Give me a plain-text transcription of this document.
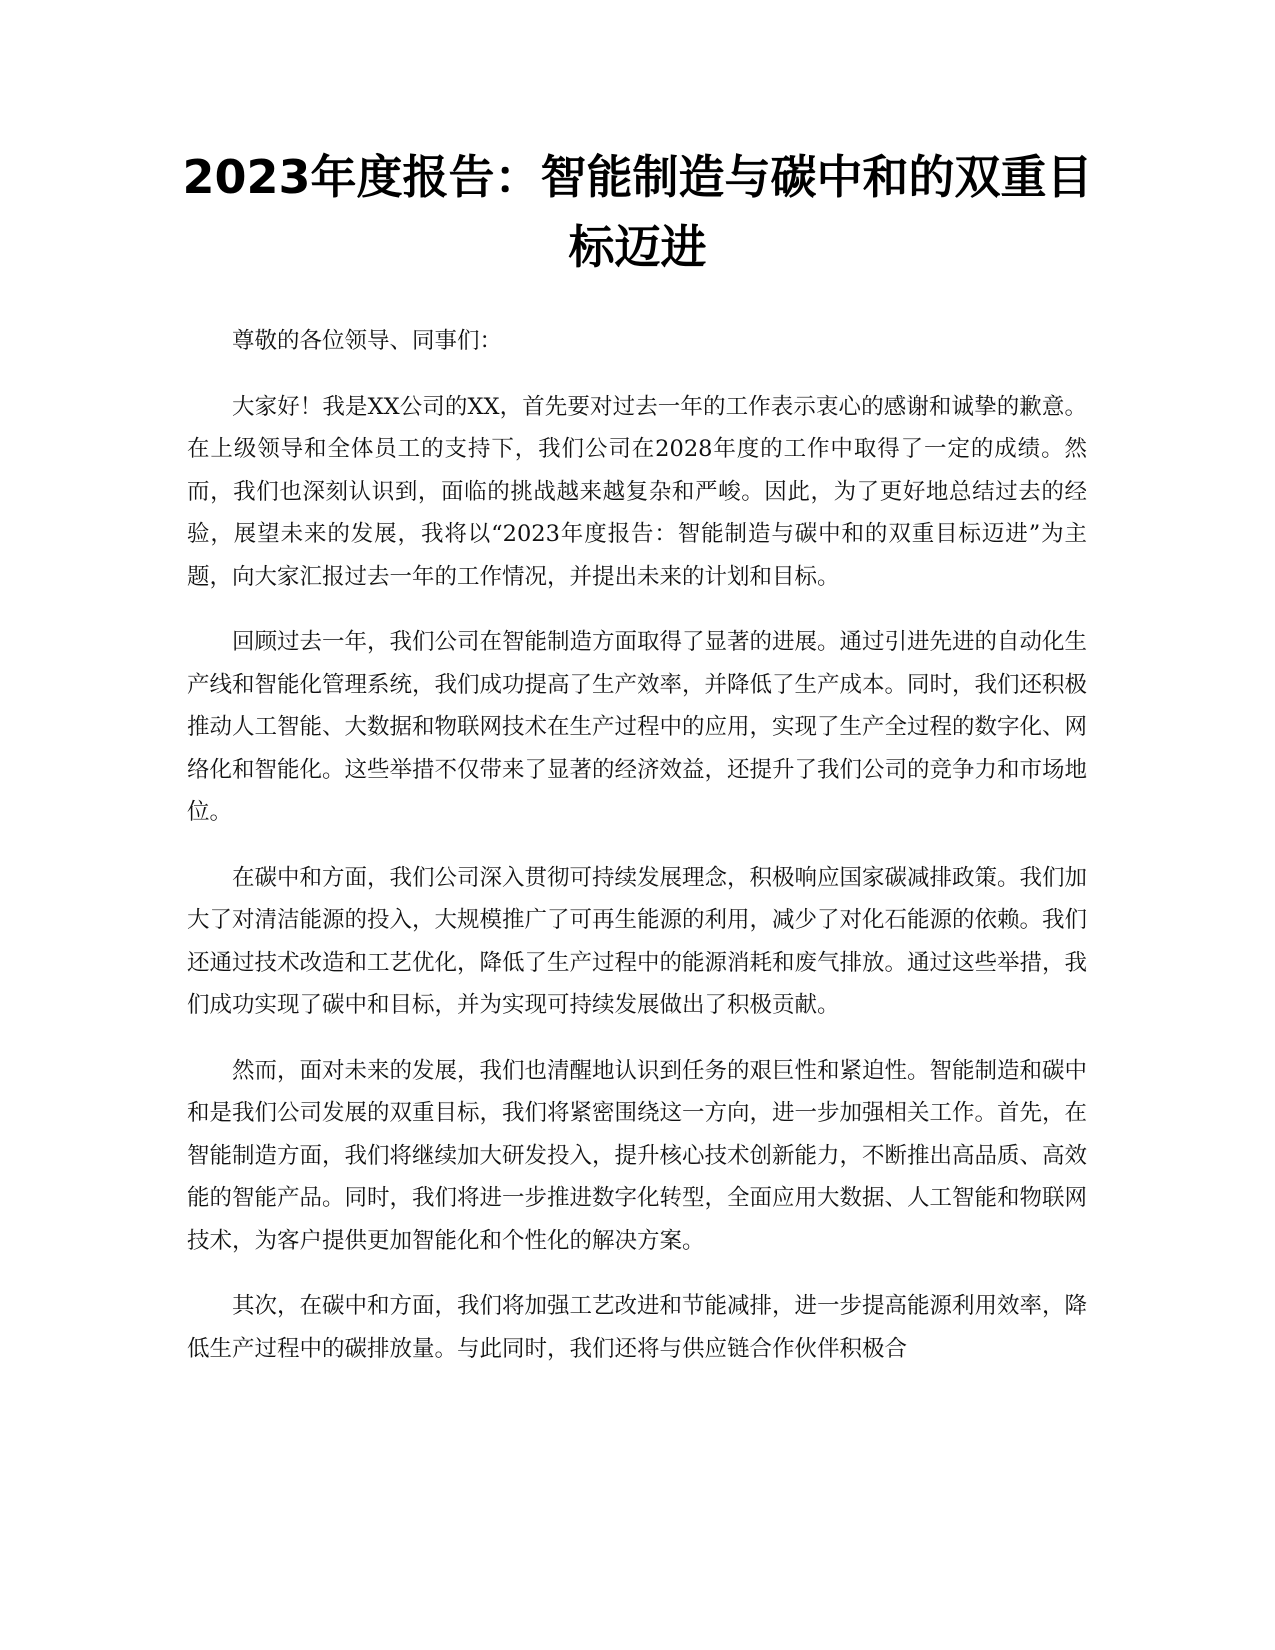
2023年度报告：智能制造与碳中和的双重目标迈进

尊敬的各位领导、同事们：

大家好！我是XX公司的XX，首先要对过去一年的工作表示衷心的感谢和诚挚的歉意。在上级领导和全体员工的支持下，我们公司在2028年度的工作中取得了一定的成绩。然而，我们也深刻认识到，面临的挑战越来越复杂和严峻。因此，为了更好地总结过去的经验，展望未来的发展，我将以“2023年度报告：智能制造与碳中和的双重目标迈进”为主题，向大家汇报过去一年的工作情况，并提出未来的计划和目标。

回顾过去一年，我们公司在智能制造方面取得了显著的进展。通过引进先进的自动化生产线和智能化管理系统，我们成功提高了生产效率，并降低了生产成本。同时，我们还积极推动人工智能、大数据和物联网技术在生产过程中的应用，实现了生产全过程的数字化、网络化和智能化。这些举措不仅带来了显著的经济效益，还提升了我们公司的竞争力和市场地位。

在碳中和方面，我们公司深入贯彻可持续发展理念，积极响应国家碳减排政策。我们加大了对清洁能源的投入，大规模推广了可再生能源的利用，减少了对化石能源的依赖。我们还通过技术改造和工艺优化，降低了生产过程中的能源消耗和废气排放。通过这些举措，我们成功实现了碳中和目标，并为实现可持续发展做出了积极贡献。

然而，面对未来的发展，我们也清醒地认识到任务的艰巨性和紧迫性。智能制造和碳中和是我们公司发展的双重目标，我们将紧密围绕这一方向，进一步加强相关工作。首先，在智能制造方面，我们将继续加大研发投入，提升核心技术创新能力，不断推出高品质、高效能的智能产品。同时，我们将进一步推进数字化转型，全面应用大数据、人工智能和物联网技术，为客户提供更加智能化和个性化的解决方案。

其次，在碳中和方面，我们将加强工艺改进和节能减排，进一步提高能源利用效率，降低生产过程中的碳排放量。与此同时，我们还将与供应链合作伙伴积极合
